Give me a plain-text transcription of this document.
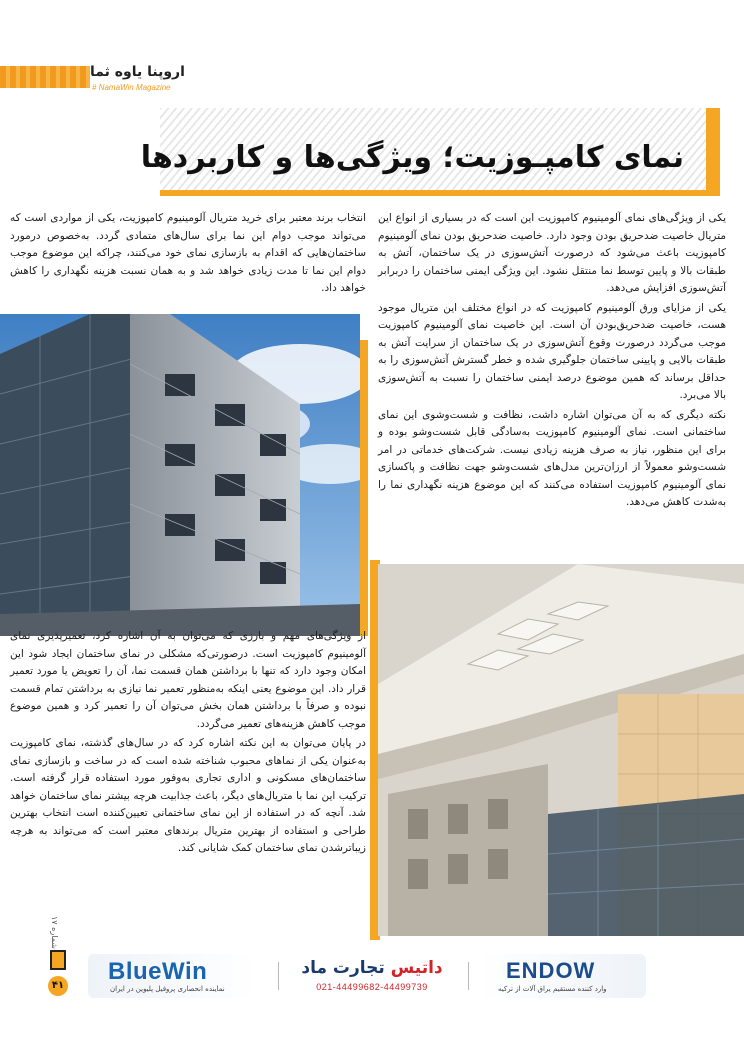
اروپنا یاوه ثما
# NamaWin Magazine
نمای کامپـوزیت؛ ویژگی‌ها و کاربردها

یکی از ویژگی‌های نمای آلومینیوم کامپوزیت این است که در بسیاری از انواع این متریال خاصیت ضدحریق بودن وجود دارد. خاصیت ضدحریق بودن نمای آلومینیوم کامپوزیت باعث می‌شود که درصورت آتش‌سوزی در یک ساختمان، آتش به طبقات بالا و پایین توسط نما منتقل نشود. این ویژگی ایمنی ساختمان را دربرابر آتش‌سوزی افزایش می‌دهد.

یکی از مزایای ورق آلومینیوم کامپوزیت که در انواع مختلف این متریال موجود هست، خاصیت ضدحریق‌بودن آن است. این خاصیت نمای آلومینیوم کامپوزیت موجب می‌گردد درصورت وقوع آتش‌سوزی در یک ساختمان از سرایت آتش به طبقات بالایی و پایینی ساختمان جلوگیری شده و خطر گسترش آتش‌سوزی را به حداقل برساند که همین موضوع درصد ایمنی ساختمان را نسبت به آتش‌سوزی بالا می‌برد.

نکته دیگری که به آن می‌توان اشاره داشت، نظافت و شست‌وشوی این نمای ساختمانی است. نمای آلومینیوم کامپوزیت به‌سادگی قابل شست‌وشو بوده و برای این منظور، نیاز به صرف هزینه زیادی نیست. شرکت‌های خدماتی در امر شست‌وشو معمولاً از ارزان‌ترین مدل‌های شست‌وشو جهت نظافت و پاکسازی نمای آلومینیوم کامپوزیت استفاده می‌کنند که این موضوع هزینه نگهداری نما را به‌شدت کاهش می‌دهد.

انتخاب برند معتبر برای خرید متریال آلومینیوم کامپوزیت، یکی از مواردی است که می‌تواند موجب دوام این نما برای سال‌های متمادی گردد. به‌خصوص درمورد ساختمان‌هایی که اقدام به بازسازی نمای خود می‌کنند، چراکه این موضوع موجب دوام این نما تا مدت زیادی خواهد شد و به همان نسبت هزینه نگهداری را کاهش خواهد داد.

از ویژگی‌های مهم و بارزی که می‌توان به آن اشاره کرد، تعمیرپذیری نمای آلومینیوم کامپوزیت است. درصورتی‌که مشکلی در نمای ساختمان ایجاد شود این امکان وجود دارد که تنها با برداشتن همان قسمت نما، آن را تعویض یا مورد تعمیر قرار داد. این موضوع یعنی اینکه به‌منظور تعمیر نما نیازی به برداشتن تمام قسمت نبوده و صرفاً با برداشتن همان بخش می‌توان آن را تعمیر کرد و همین موضوع موجب کاهش هزینه‌های تعمیر می‌گردد.

در پایان می‌توان به این نکته اشاره کرد که در سال‌های گذشته، نمای کامپوزیت به‌عنوان یکی از نماهای محبوب شناخته شده است که در ساخت و بازسازی نمای ساختمان‌های مسکونی و اداری تجاری به‌وفور مورد استفاده قرار گرفته است. ترکیب این نما با متریال‌های دیگر، باعث جذابیت هرچه بیشتر نمای ساختمان خواهد شد. آنچه که در استفاده از این نمای ساختمانی تعیین‌کننده است انتخاب بهترین طراحی و استفاده از بهترین متریال برندهای معتبر است که می‌تواند به هرچه زیباترشدن نمای ساختمان کمک شایانی کند.

شماره ۱۷
۴۱
BlueWin
نماینده انحصاری پروفیل پلیوین در ایران
داتیس تجارت ماد
021-44499682-44499739
ENDOW
وارد کننده مستقیم یراق آلات از ترکیه
